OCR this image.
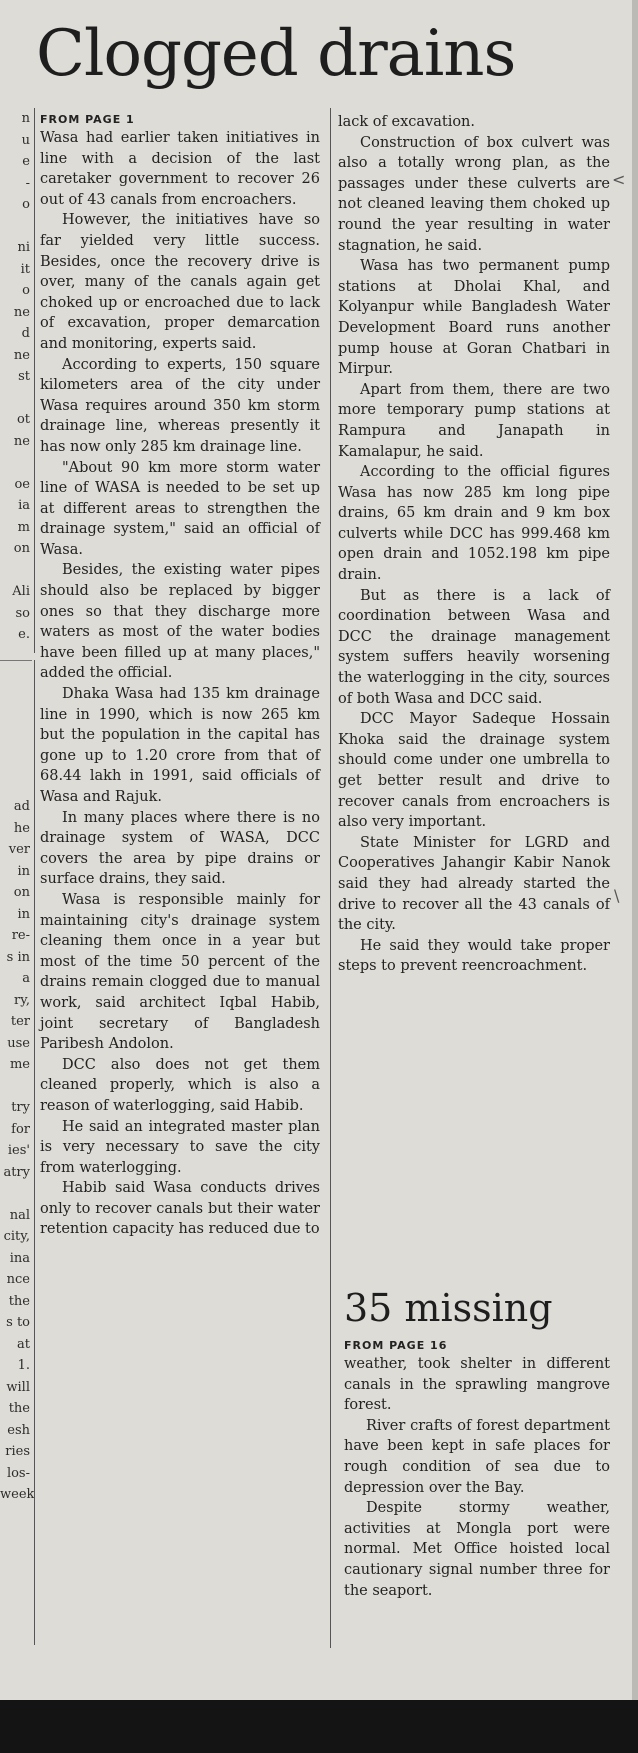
n
u
e
-
o
ni
it
o
ne
d
ne
st
ot
ne
oe
ia
m
on
Ali
so
e.
ad
he
ver
in
on
in
re-
s in
a
ry,
ter
use
me
try
for
ies'
atry
nal
city,
ina
nce
the
s to
at
1.
will
the
esh
ries
los-
week
Clogged drains
FROM PAGE 1

Wasa had earlier taken initiatives in line with a decision of the last caretaker government to recover 26 out of 43 canals from encroachers.

However, the initiatives have so far yielded very little success. Besides, once the recovery drive is over, many of the canals again get choked up or encroached due to lack of excavation, proper demarcation and monitoring, experts said.

According to experts, 150 square kilometers area of the city under Wasa requires around 350 km storm drainage line, whereas presently it has now only 285 km drainage line.

"About 90 km more storm water line of WASA is needed to be set up at different areas to strengthen the drainage system," said an official of Wasa.

Besides, the existing water pipes should also be replaced by bigger ones so that they discharge more waters as most of the water bodies have been filled up at many places," added the official.

Dhaka Wasa had 135 km drainage line in 1990, which is now 265 km but the population in the capital has gone up to 1.20 crore from that of 68.44 lakh in 1991, said officials of Wasa and Rajuk.

In many places where there is no drainage system of WASA, DCC covers the area by pipe drains or surface drains, they said.

Wasa is responsible mainly for maintaining city's drainage system cleaning them once in a year but most of the time 50 percent of the drains remain clogged due to manual work, said architect Iqbal Habib, joint secretary of Bangladesh Paribesh Andolon.

DCC also does not get them cleaned properly, which is also a reason of waterlogging, said Habib.

He said an integrated master plan is very necessary to save the city from waterlogging.

Habib said Wasa conducts drives only to recover canals but their water retention capacity has reduced due to

lack of excavation.

Construction of box culvert was also a totally wrong plan, as the passages under these culverts are not cleaned leaving them choked up round the year resulting in water stagnation, he said.

Wasa has two permanent pump stations at Dholai Khal, and Kolyanpur while Bangladesh Water Development Board runs another pump house at Goran Chatbari in Mirpur.

Apart from them, there are two more temporary pump stations at Rampura and Janapath in Kamalapur, he said.

According to the official figures Wasa has now 285 km long pipe drains, 65 km drain and 9 km box culverts while DCC has 999.468 km open drain and 1052.198 km pipe drain.

But as there is a lack of coordination between Wasa and DCC the drainage management system suffers heavily worsening the waterlogging in the city, sources of both Wasa and DCC said.

DCC Mayor Sadeque Hossain Khoka said the drainage system should come under one umbrella to get better result and drive to recover canals from encroachers is also very important.

State Minister for LGRD and Cooperatives Jahangir Kabir Nanok said they had already started the drive to recover all the 43 canals of the city.

He said they would take proper steps to prevent reencroachment.

35 missing
FROM PAGE 16

weather, took shelter in different canals in the sprawling mangrove forest.

River crafts of forest department have been kept in safe places for rough condition of sea due to depression over the Bay.

Despite stormy weather, activities at Mongla port were normal. Met Office hoisted local cautionary signal number three for the seaport.

<
\
